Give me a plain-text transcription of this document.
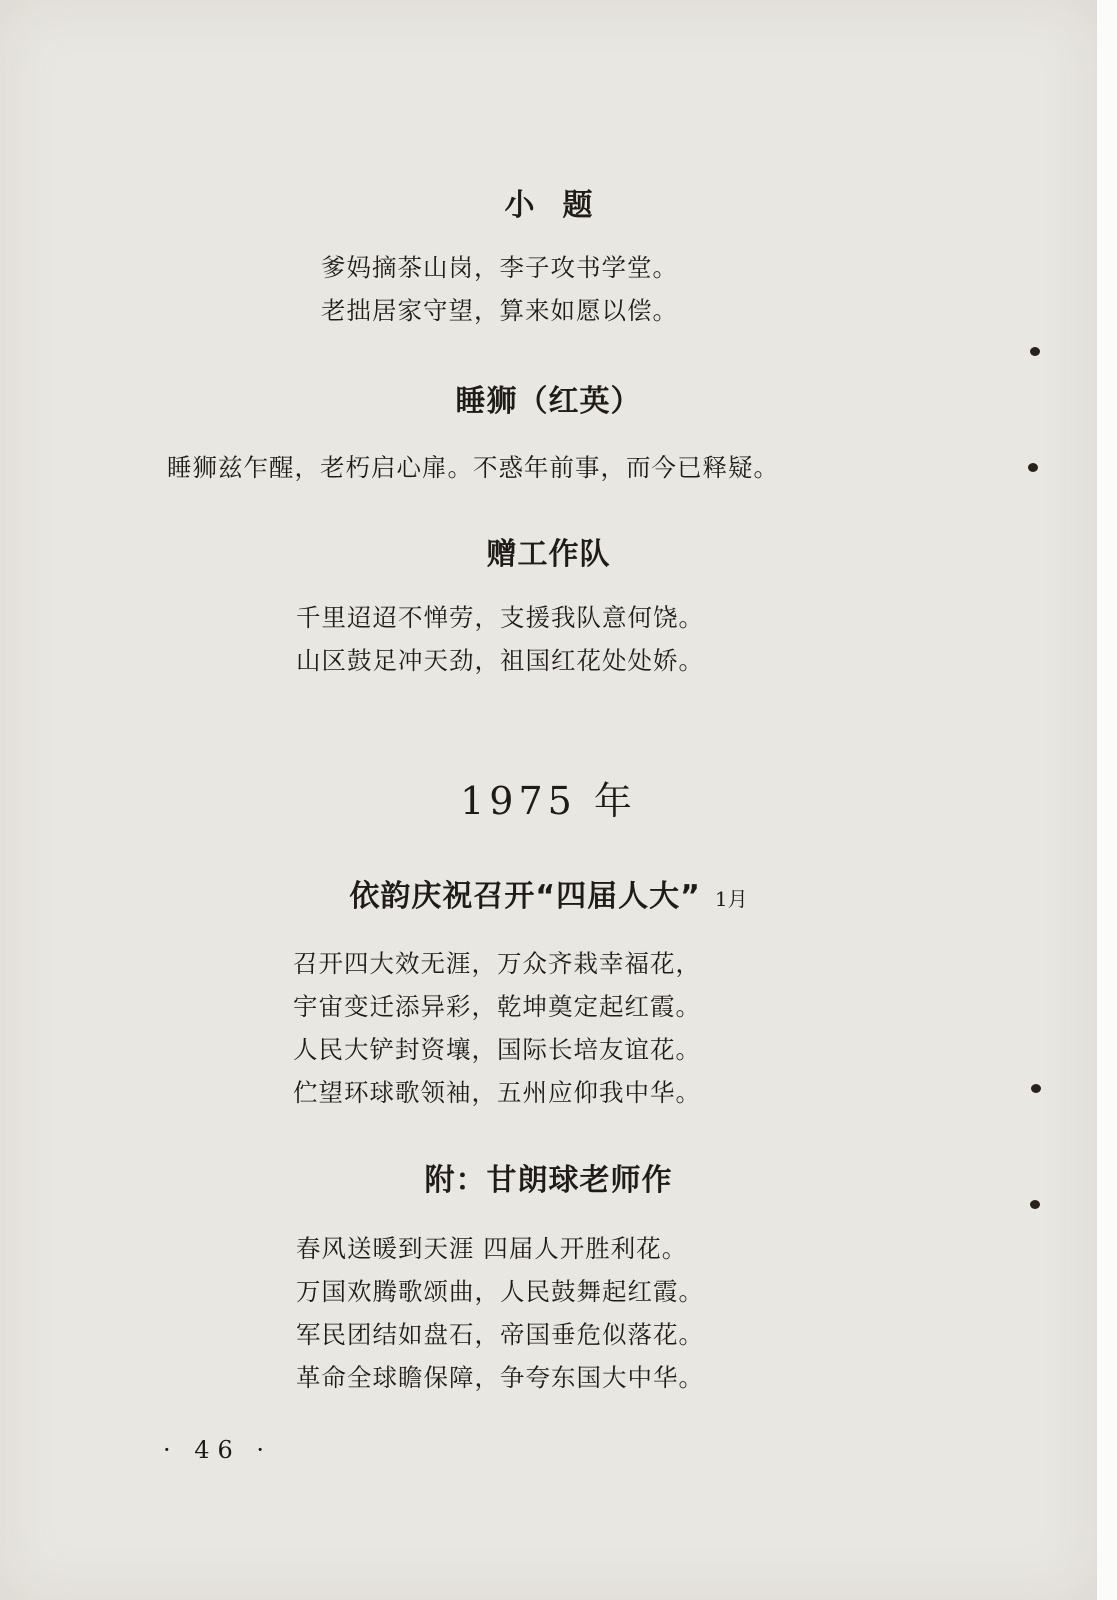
小题
爹妈摘茶山岗，李子攻书学堂。
老拙居家守望，算来如愿以偿。
睡狮（红英）
睡狮兹乍醒，老朽启心扉。不惑年前事，而今已释疑。
赠工作队
千里迢迢不惮劳，支援我队意何饶。
山区鼓足冲天劲，祖国红花处处娇。
1975 年
依韵庆祝召开“四届人大” 1月
召开四大效无涯，万众齐栽幸福花，
宇宙变迁添异彩，乾坤奠定起红霞。
人民大铲封资壤，国际长培友谊花。
伫望环球歌领袖，五州应仰我中华。
附：甘朗球老师作
春风送暖到天涯 四届人开胜利花。
万国欢腾歌颂曲，人民鼓舞起红霞。
军民团结如盘石，帝国垂危似落花。
革命全球瞻保障，争夸东国大中华。
· 46 ·
